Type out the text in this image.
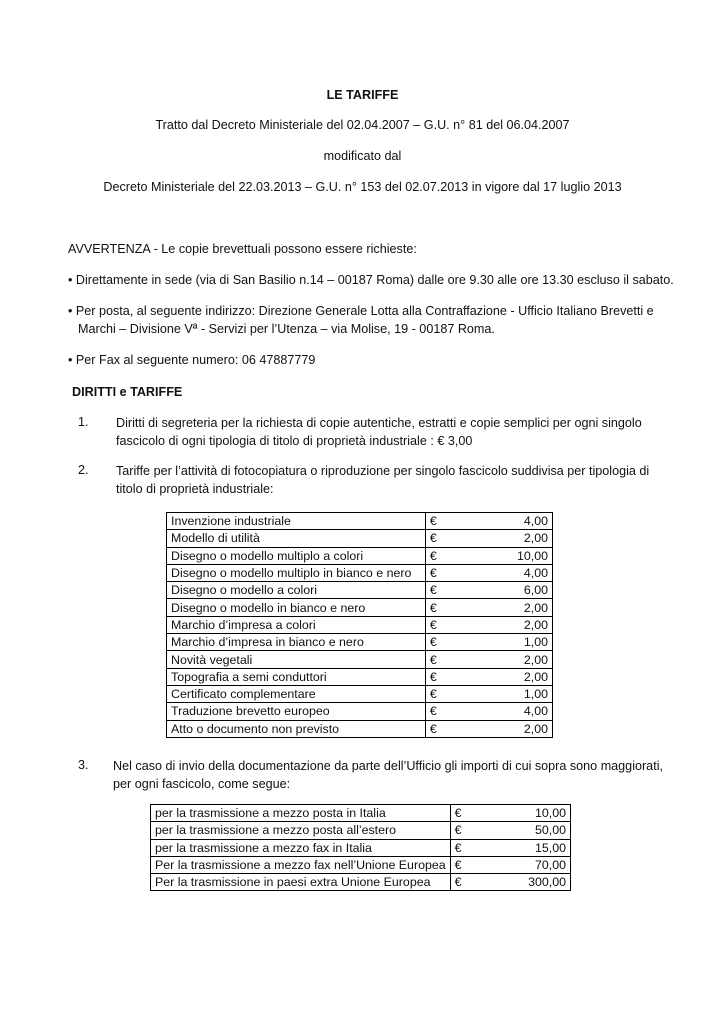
LE TARIFFE
Tratto dal Decreto Ministeriale del 02.04.2007 – G.U. n° 81 del 06.04.2007
modificato dal
Decreto Ministeriale del 22.03.2013 – G.U. n° 153 del 02.07.2013 in vigore dal 17 luglio 2013
AVVERTENZA - Le copie brevettuali possono essere richieste:
• Direttamente in sede (via di San Basilio n.14 – 00187 Roma) dalle ore 9.30 alle ore 13.30 escluso il sabato.
• Per posta, al seguente indirizzo: Direzione Generale Lotta alla Contraffazione - Ufficio Italiano Brevetti e
Marchi – Divisione Vª - Servizi per l’Utenza – via Molise, 19 - 00187 Roma.
• Per Fax al seguente numero: 06 47887779
DIRITTI e TARIFFE
1. Diritti di segreteria per la richiesta di copie autentiche, estratti e copie semplici per ogni singolo
fascicolo di ogni tipologia di titolo di proprietà industriale : € 3,00
2. Tariffe per l’attività di fotocopiatura o riproduzione per singolo fascicolo suddivisa per tipologia di
titolo di proprietà industriale:
Invenzione industriale	€	4,00
Modello di utilità	€	2,00
Disegno o modello multiplo a colori	€	10,00
Disegno o modello multiplo in bianco e nero	€	4,00
Disegno o modello a colori	€	6,00
Disegno o modello in bianco e nero	€	2,00
Marchio d’impresa a colori	€	2,00
Marchio d’impresa in bianco e nero	€	1,00
Novità vegetali	€	2,00
Topografia a semi conduttori	€	2,00
Certificato complementare	€	1,00
Traduzione brevetto europeo	€	4,00
Atto o documento non previsto	€	2,00
3. Nel caso di invio della documentazione da parte dell’Ufficio gli importi di cui sopra sono maggiorati,
per ogni fascicolo, come segue:
per la trasmissione a mezzo posta in Italia	€	10,00
per la trasmissione a mezzo posta all’estero	€	50,00
per la trasmissione a mezzo fax in Italia	€	15,00
Per la trasmissione a mezzo fax nell’Unione Europea	€	70,00
Per la trasmissione in paesi extra Unione Europea	€	300,00
